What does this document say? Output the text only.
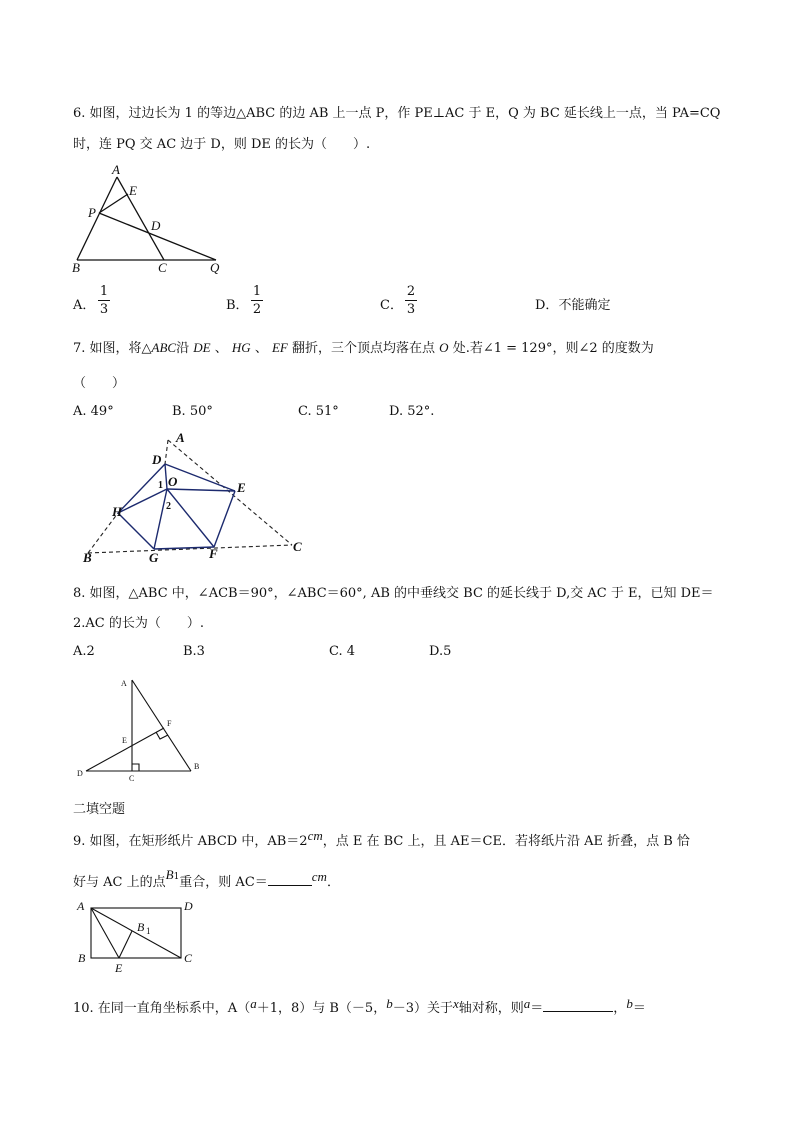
6. 如图，过边长为 1 的等边△ABC 的边 AB 上一点 P，作 PE⊥AC 于 E，Q 为 BC 延长线上一点，当 PA=CQ
时，连 PQ 交 AC 边于 D，则 DE 的长为（　　）.
A
E
P
D
B	C	Q
A．
1
3	B．
1
2	C．
2
3	D．不能确定
7. 如图，将△ABC沿 DE 、 HG 、 EF 翻折，三个顶点均落在点 O 处.若∠1 = 129°，则∠2 的度数为
（　　）
A. 49°	B. 50°	C. 51°	D. 52°.
A
D
O	E
H
B	G	F	C
1
2
8. 如图，△ABC 中，∠ACB＝90°，∠ABC＝60°, AB 的中垂线交 BC 的延长线于 D,交 AC 于 E，已知 DE＝
2.AC 的长为（　　）.
A.2	B.3	C. 4	D.5
A
F
E
D
C
B
二填空题
9. 如图，在矩形纸片 ABCD 中，AB＝2cm，点 E 在 BC 上，且 AE＝CE．若将纸片沿 AE 折叠，点 B 恰
好与 AC 上的点B1重合，则 AC＝	cm．
A	D
B
E
C
B 1
10. 在同一直角坐标系中，A（a＋1，8）与 B（－5，b－3）关于x轴对称，则a＝	，b＝
